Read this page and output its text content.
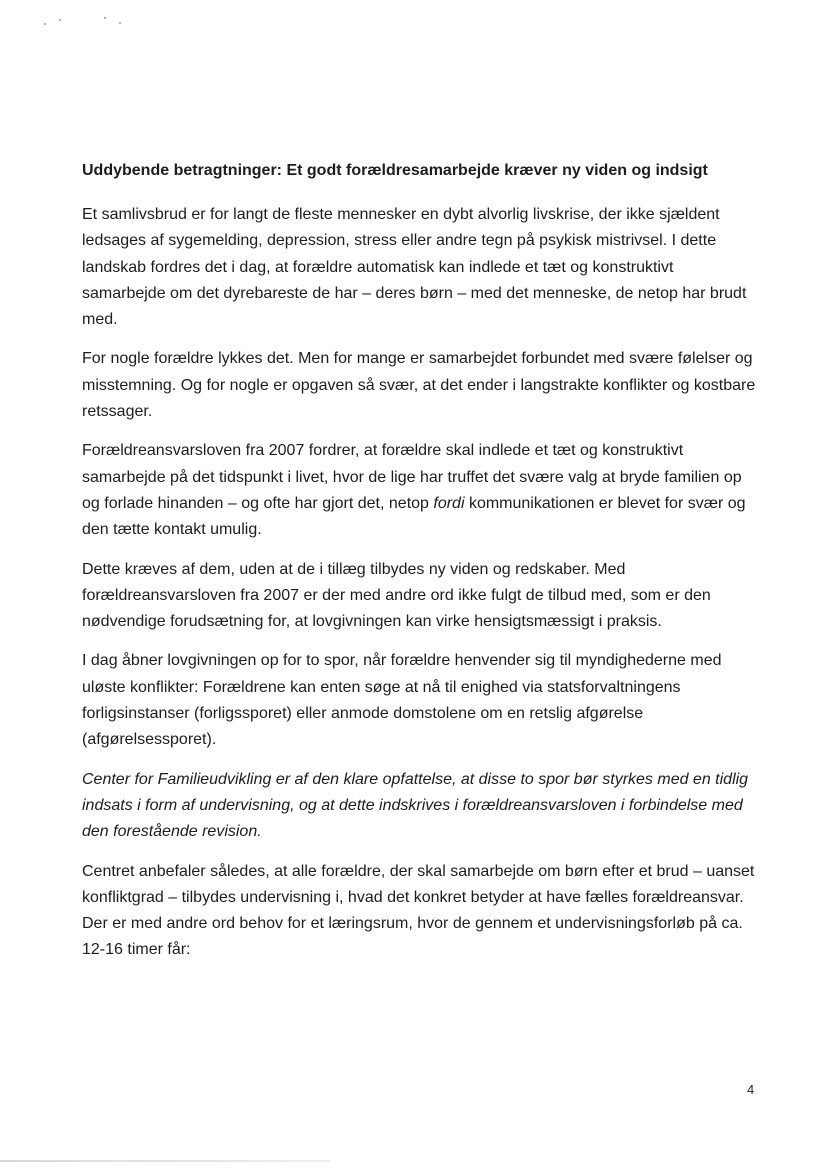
Uddybende betragtninger: Et godt forældresamarbejde kræver ny viden og indsigt

Et samlivsbrud er for langt de fleste mennesker en dybt alvorlig livskrise, der ikke sjældent ledsages af sygemelding, depression, stress eller andre tegn på psykisk mistrivsel. I dette landskab fordres det i dag, at forældre automatisk kan indlede et tæt og konstruktivt samarbejde om det dyrebareste de har – deres børn – med det menneske, de netop har brudt med.

For nogle forældre lykkes det. Men for mange er samarbejdet forbundet med svære følelser og misstemning. Og for nogle er opgaven så svær, at det ender i langstrakte konflikter og kostbare retssager.

Forældreansvarsloven fra 2007 fordrer, at forældre skal indlede et tæt og konstruktivt samarbejde på det tidspunkt i livet, hvor de lige har truffet det svære valg at bryde familien op og forlade hinanden – og ofte har gjort det, netop fordi kommunikationen er blevet for svær og den tætte kontakt umulig.

Dette kræves af dem, uden at de i tillæg tilbydes ny viden og redskaber. Med forældreansvarsloven fra 2007 er der med andre ord ikke fulgt de tilbud med, som er den nødvendige forudsætning for, at lovgivningen kan virke hensigtsmæssigt i praksis.

I dag åbner lovgivningen op for to spor, når forældre henvender sig til myndighederne med uløste konflikter: Forældrene kan enten søge at nå til enighed via statsforvaltningens forligsinstanser (forligssporet) eller anmode domstolene om en retslig afgørelse (afgørelsessporet).

Center for Familieudvikling er af den klare opfattelse, at disse to spor bør styrkes med en tidlig indsats i form af undervisning, og at dette indskrives i forældreansvarsloven i forbindelse med den forestående revision.

Centret anbefaler således, at alle forældre, der skal samarbejde om børn efter et brud – uanset konfliktgrad – tilbydes undervisning i, hvad det konkret betyder at have fælles forældreansvar. Der er med andre ord behov for et læringsrum, hvor de gennem et undervisningsforløb på ca. 12-16 timer får:

4
